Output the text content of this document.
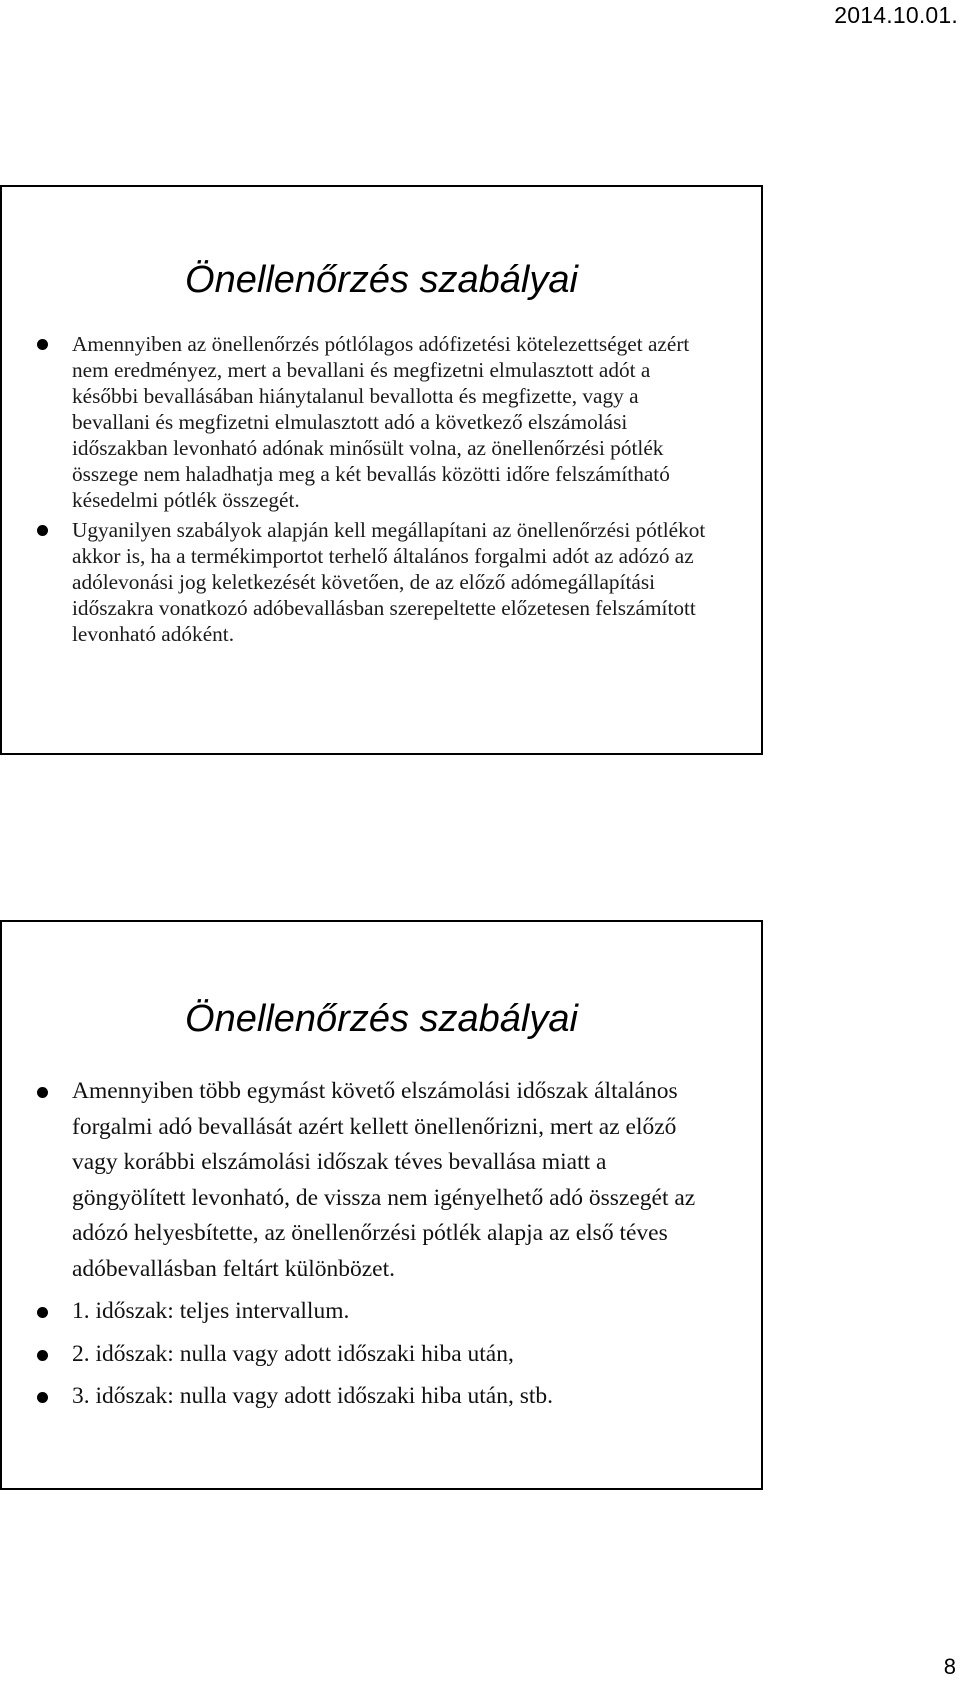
2014.10.01.
Önellenőrzés szabályai
Amennyiben az önellenőrzés pótlólagos adófizetési kötelezettséget azért nem eredményez, mert a bevallani és megfizetni elmulasztott adót a későbbi bevallásában hiánytalanul bevallotta és megfizette, vagy a bevallani és megfizetni elmulasztott adó a következő elszámolási időszakban levonható adónak minősült volna, az önellenőrzési pótlék összege nem haladhatja meg a két bevallás közötti időre felszámítható késedelmi pótlék összegét.
Ugyanilyen szabályok alapján kell megállapítani az önellenőrzési pótlékot akkor is, ha a termékimportot terhelő általános forgalmi adót az adózó az adólevonási jog keletkezését követően, de az előző adómegállapítási időszakra vonatkozó adóbevallásban szerepeltette előzetesen felszámított levonható adóként.
Önellenőrzés szabályai
Amennyiben több egymást követő elszámolási időszak általános forgalmi adó bevallását azért kellett önellenőrizni, mert az előző vagy korábbi elszámolási időszak téves bevallása miatt a göngyölített levonható, de vissza nem igényelhető adó összegét az adózó helyesbítette, az önellenőrzési pótlék alapja az első téves adóbevallásban feltárt különbözet.
1. időszak: teljes intervallum.
2. időszak: nulla vagy adott időszaki hiba után,
3. időszak: nulla vagy adott időszaki hiba után, stb.
8
